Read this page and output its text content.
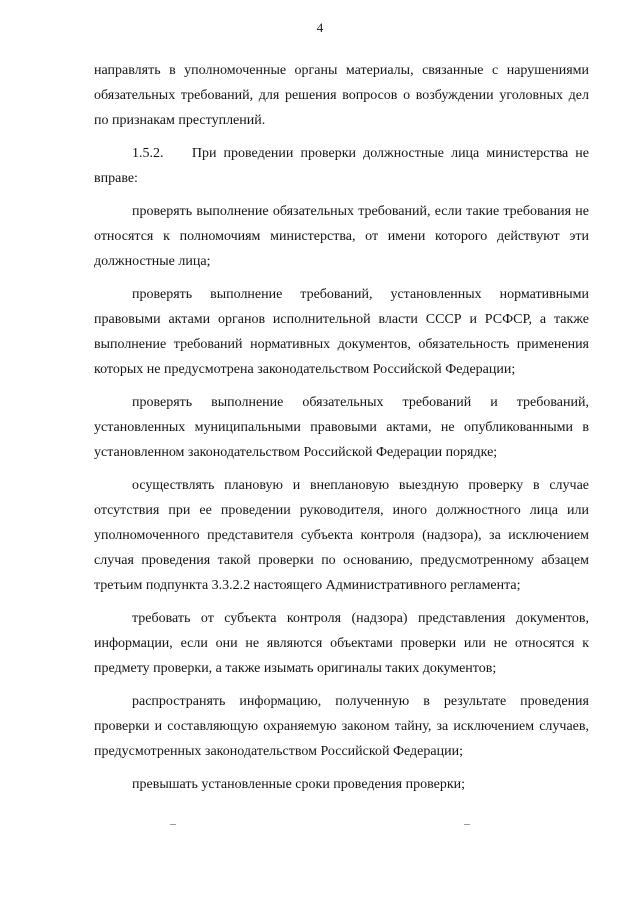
4

направлять в уполномоченные органы материалы, связанные с нарушениями обязательных требований, для решения вопросов о возбуждении уголовных дел по признакам преступлений.

1.5.2.    При проведении проверки должностные лица министерства не вправе:

проверять выполнение обязательных требований, если такие требования не относятся к полномочиям министерства, от имени которого действуют эти должностные лица;

проверять выполнение требований, установленных нормативными правовыми актами органов исполнительной власти СССР и РСФСР, а также выполнение требований нормативных документов, обязательность применения которых не предусмотрена законодательством Российской Федерации;

проверять выполнение обязательных требований и требований, установленных муниципальными правовыми актами, не опубликованными в установленном законодательством Российской Федерации порядке;

осуществлять плановую и внеплановую выездную проверку в случае отсутствия при ее проведении руководителя, иного должностного лица или уполномоченного представителя субъекта контроля (надзора), за исключением случая проведения такой проверки по основанию, предусмотренному абзацем третьим подпункта 3.3.2.2 настоящего Административного регламента;

требовать от субъекта контроля (надзора) представления документов, информации, если они не являются объектами проверки или не относятся к предмету проверки, а также изымать оригиналы таких документов;

распространять информацию, полученную в результате проведения проверки и составляющую охраняемую законом тайну, за исключением случаев, предусмотренных законодательством Российской Федерации;

превышать установленные сроки проведения проверки;
